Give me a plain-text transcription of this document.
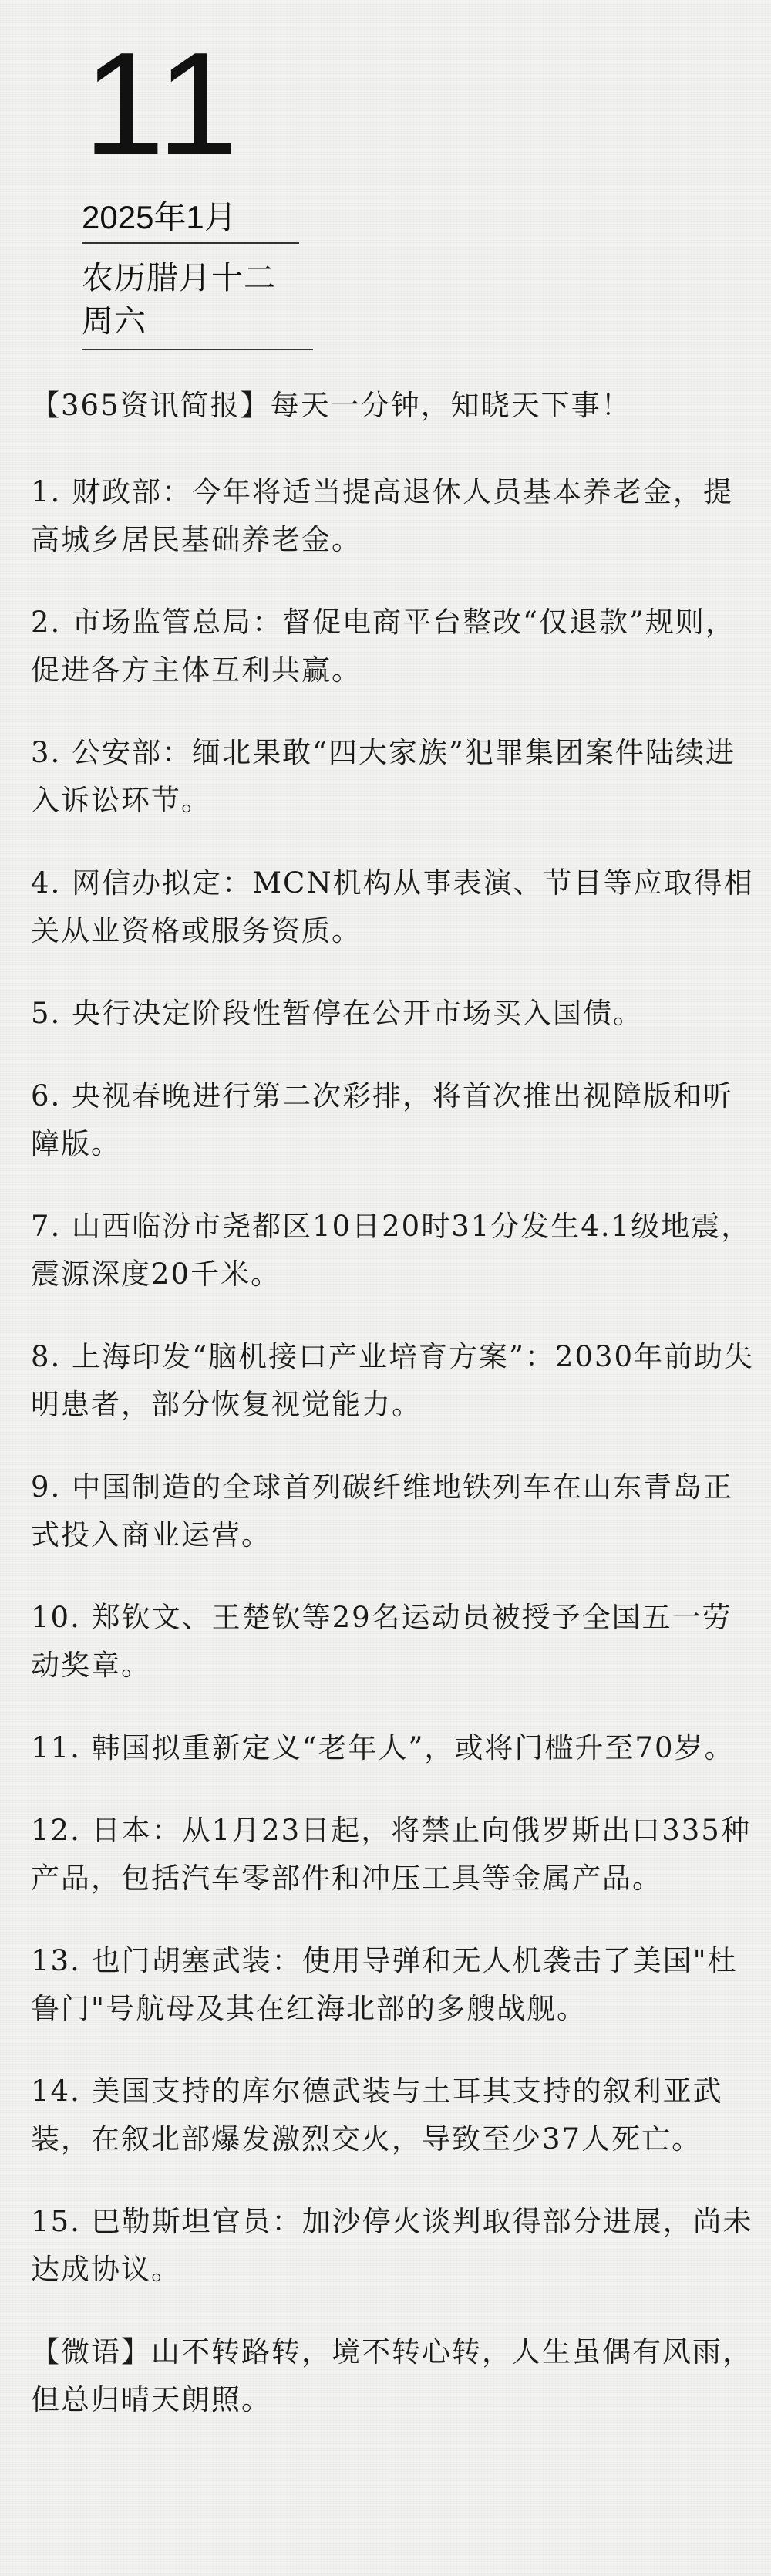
11
2025年1月
农历腊月十二 周六

【365资讯简报】每天一分钟，知晓天下事！

1. 财政部：今年将适当提高退休人员基本养老金，提高城乡居民基础养老金。

2. 市场监管总局：督促电商平台整改“仅退款”规则，促进各方主体互利共赢。

3. 公安部：缅北果敢“四大家族”犯罪集团案件陆续进入诉讼环节。

4. 网信办拟定：MCN机构从事表演、节目等应取得相关从业资格或服务资质。

5. 央行决定阶段性暂停在公开市场买入国债。

6. 央视春晚进行第二次彩排，将首次推出视障版和听障版。

7. 山西临汾市尧都区10日20时31分发生4.1级地震，震源深度20千米。

8. 上海印发“脑机接口产业培育方案”：2030年前助失明患者，部分恢复视觉能力。

9. 中国制造的全球首列碳纤维地铁列车在山东青岛正式投入商业运营。

10. 郑钦文、王楚钦等29名运动员被授予全国五一劳动奖章。

11. 韩国拟重新定义“老年人”，或将门槛升至70岁。

12. 日本：从1月23日起，将禁止向俄罗斯出口335种产品，包括汽车零部件和冲压工具等金属产品。

13. 也门胡塞武装：使用导弹和无人机袭击了美国"杜鲁门"号航母及其在红海北部的多艘战舰。

14. 美国支持的库尔德武装与土耳其支持的叙利亚武装，在叙北部爆发激烈交火，导致至少37人死亡。

15. 巴勒斯坦官员：加沙停火谈判取得部分进展，尚未达成协议。

【微语】山不转路转，境不转心转，人生虽偶有风雨，但总归晴天朗照。
